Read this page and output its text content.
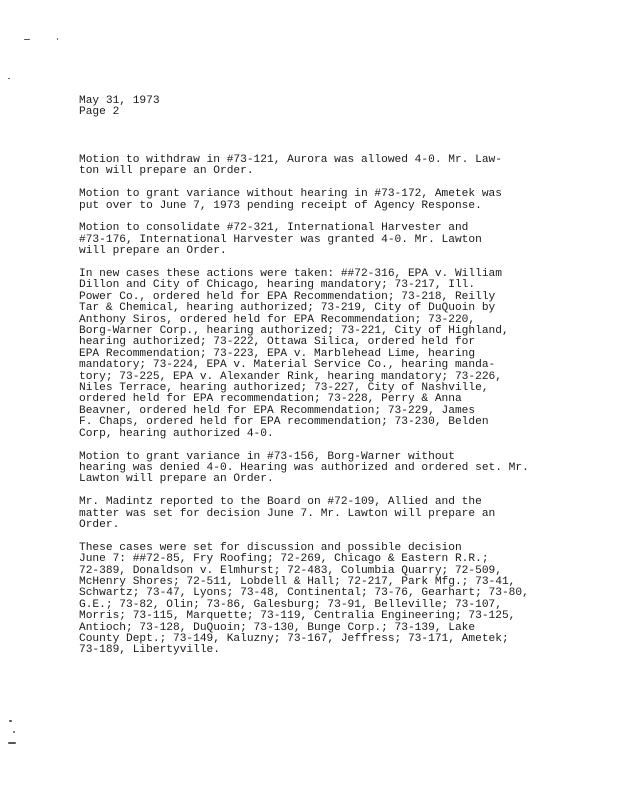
May 31, 1973
Page 2
Motion to withdraw in #73-121, Aurora was allowed 4-0. Mr. Law-
ton will prepare an Order.
Motion to grant variance without hearing in #73-172, Ametek was
put over to June 7, 1973 pending receipt of Agency Response.
Motion to consolidate #72-321, International Harvester and
#73-176, International Harvester was granted 4-0. Mr. Lawton
will prepare an Order.
In new cases these actions were taken: ##72-316, EPA v. William
Dillon and City of Chicago, hearing mandatory; 73-217, Ill.
Power Co., ordered held for EPA Recommendation; 73-218, Reilly
Tar & Chemical, hearing authorized; 73-219, City of DuQuoin by
Anthony Siros, ordered held for EPA Recommendation; 73-220,
Borg-Warner Corp., hearing authorized; 73-221, City of Highland,
hearing authorized; 73-222, Ottawa Silica, ordered held for
EPA Recommendation; 73-223, EPA v. Marblehead Lime, hearing
mandatory; 73-224, EPA v. Material Service Co., hearing manda-
tory; 73-225, EPA v. Alexander Rink, hearing mandatory; 73-226,
Niles Terrace, hearing authorized; 73-227, City of Nashville,
ordered held for EPA recommendation; 73-228, Perry & Anna
Beavner, ordered held for EPA Recommendation; 73-229, James
F. Chaps, ordered held for EPA recommendation; 73-230, Belden
Corp, hearing authorized 4-0.
Motion to grant variance in #73-156, Borg-Warner without
hearing was denied 4-0. Hearing was authorized and ordered set. Mr.
Lawton will prepare an Order.
Mr. Madintz reported to the Board on #72-109, Allied and the
matter was set for decision June 7. Mr. Lawton will prepare an
Order.
These cases were set for discussion and possible decision
June 7: ##72-85, Fry Roofing; 72-269, Chicago & Eastern R.R.;
72-389, Donaldson v. Elmhurst; 72-483, Columbia Quarry; 72-509,
McHenry Shores; 72-511, Lobdell & Hall; 72-217, Park Mfg.; 73-41,
Schwartz; 73-47, Lyons; 73-48, Continental; 73-76, Gearhart; 73-80,
G.E.; 73-82, Olin; 73-86, Galesburg; 73-91, Belleville; 73-107,
Morris; 73-115, Marquette; 73-119, Centralia Engineering; 73-125,
Antioch; 73-128, DuQuoin; 73-130, Bunge Corp.; 73-139, Lake
County Dept.; 73-149, Kaluzny; 73-167, Jeffress; 73-171, Ametek;
73-189, Libertyville.
